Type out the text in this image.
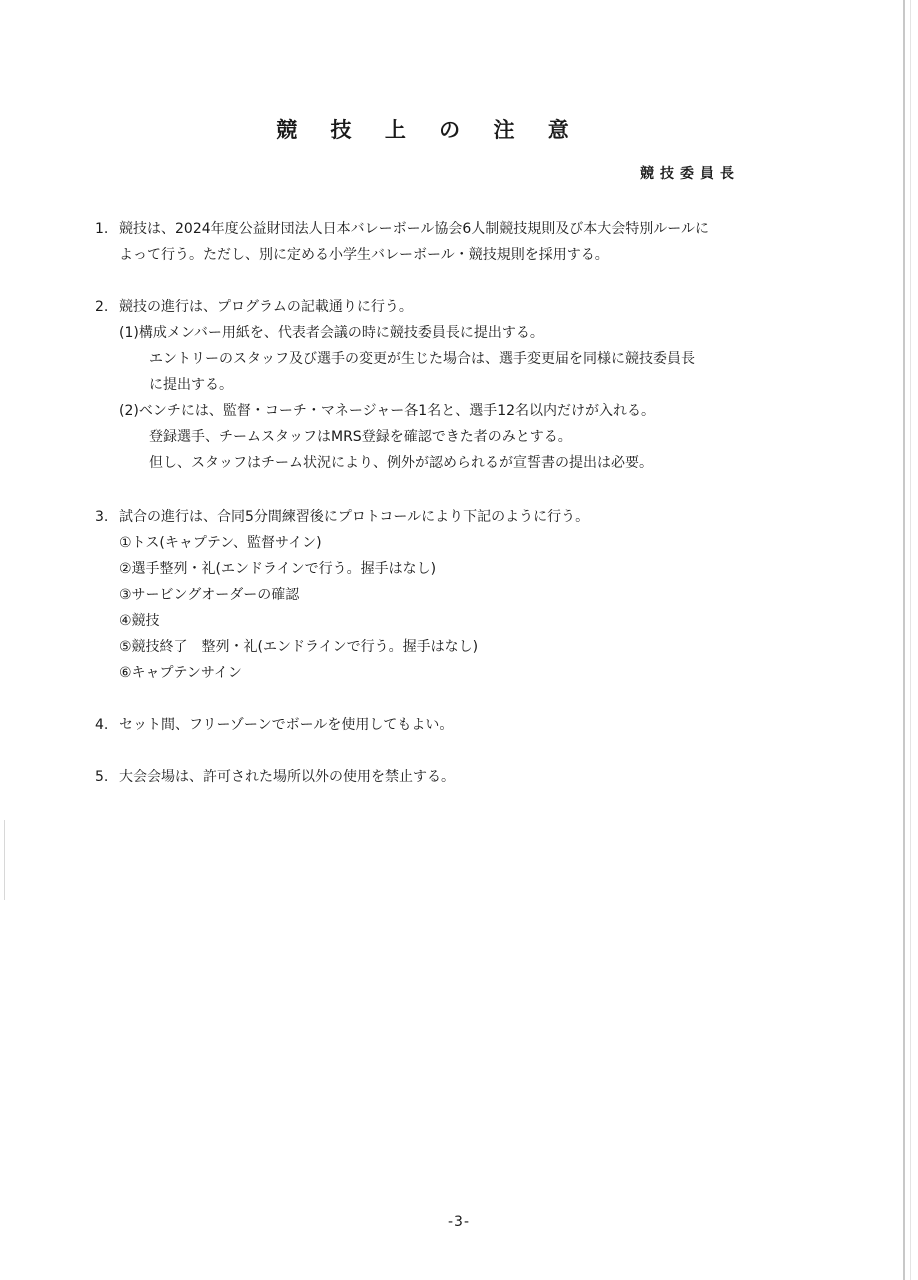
競 技 上 の 注 意
競技委員長
1. 競技は、2024年度公益財団法人日本バレーボール協会6人制競技規則及び本大会特別ルールに
よって行う。ただし、別に定める小学生バレーボール・競技規則を採用する。
2. 競技の進行は、プログラムの記載通りに行う。
(1)構成メンバー用紙を、代表者会議の時に競技委員長に提出する。
エントリーのスタッフ及び選手の変更が生じた場合は、選手変更届を同様に競技委員長
に提出する。
(2)ベンチには、監督・コーチ・マネージャー各1名と、選手12名以内だけが入れる。
登録選手、チームスタッフはMRS登録を確認できた者のみとする。
但し、スタッフはチーム状況により、例外が認められるが宣誓書の提出は必要。
3. 試合の進行は、合同5分間練習後にプロトコールにより下記のように行う。
①トス(キャプテン、監督サイン)
②選手整列・礼(エンドラインで行う。握手はなし)
③サービングオーダーの確認
④競技
⑤競技終了　整列・礼(エンドラインで行う。握手はなし)
⑥キャプテンサイン
4. セット間、フリーゾーンでボールを使用してもよい。
5. 大会会場は、許可された場所以外の使用を禁止する。
-3-
